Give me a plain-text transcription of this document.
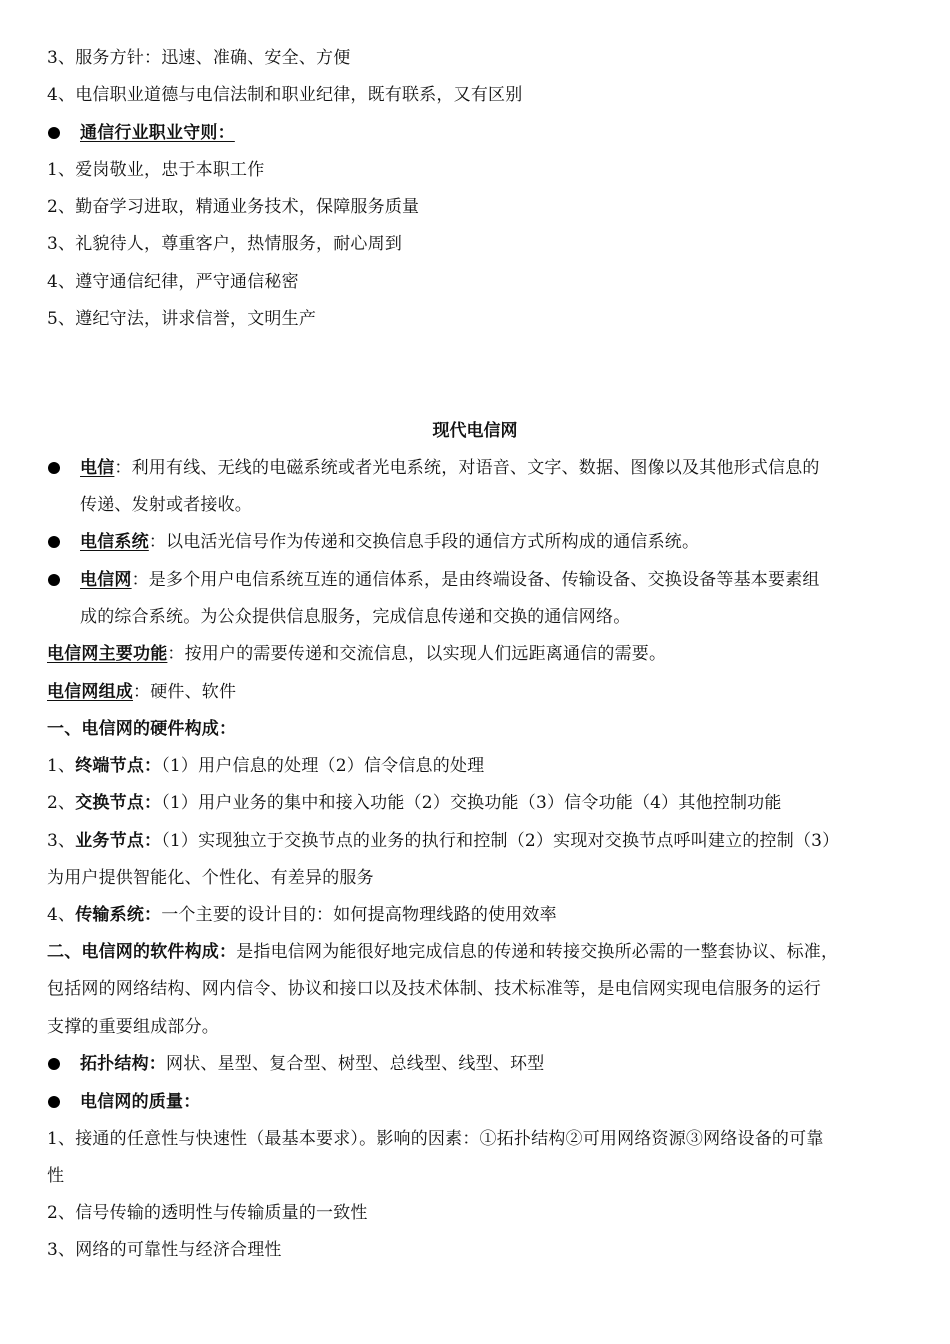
3、服务方针：迅速、准确、安全、方便
4、电信职业道德与电信法制和职业纪律，既有联系，又有区别
通信行业职业守则：
1、爱岗敬业，忠于本职工作
2、勤奋学习进取，精通业务技术，保障服务质量
3、礼貌待人，尊重客户，热情服务，耐心周到
4、遵守通信纪律，严守通信秘密
5、遵纪守法，讲求信誉，文明生产
现代电信网
电信：利用有线、无线的电磁系统或者光电系统，对语音、文字、数据、图像以及其他形式信息的
传递、发射或者接收。
电信系统：以电活光信号作为传递和交换信息手段的通信方式所构成的通信系统。
电信网：是多个用户电信系统互连的通信体系，是由终端设备、传输设备、交换设备等基本要素组
成的综合系统。为公众提供信息服务，完成信息传递和交换的通信网络。
电信网主要功能：按用户的需要传递和交流信息，以实现人们远距离通信的需要。
电信网组成：硬件、软件
一、电信网的硬件构成：
1、终端节点：（1）用户信息的处理（2）信令信息的处理
2、交换节点：（1）用户业务的集中和接入功能（2）交换功能（3）信令功能（4）其他控制功能
3、业务节点：（1）实现独立于交换节点的业务的执行和控制（2）实现对交换节点呼叫建立的控制（3）
为用户提供智能化、个性化、有差异的服务
4、传输系统：一个主要的设计目的：如何提高物理线路的使用效率
二、电信网的软件构成：是指电信网为能很好地完成信息的传递和转接交换所必需的一整套协议、标准，
包括网的网络结构、网内信令、协议和接口以及技术体制、技术标准等，是电信网实现电信服务的运行
支撑的重要组成部分。
拓扑结构：网状、星型、复合型、树型、总线型、线型、环型
电信网的质量：
1、接通的任意性与快速性（最基本要求）。影响的因素：①拓扑结构②可用网络资源③网络设备的可靠
性
2、信号传输的透明性与传输质量的一致性
3、网络的可靠性与经济合理性
